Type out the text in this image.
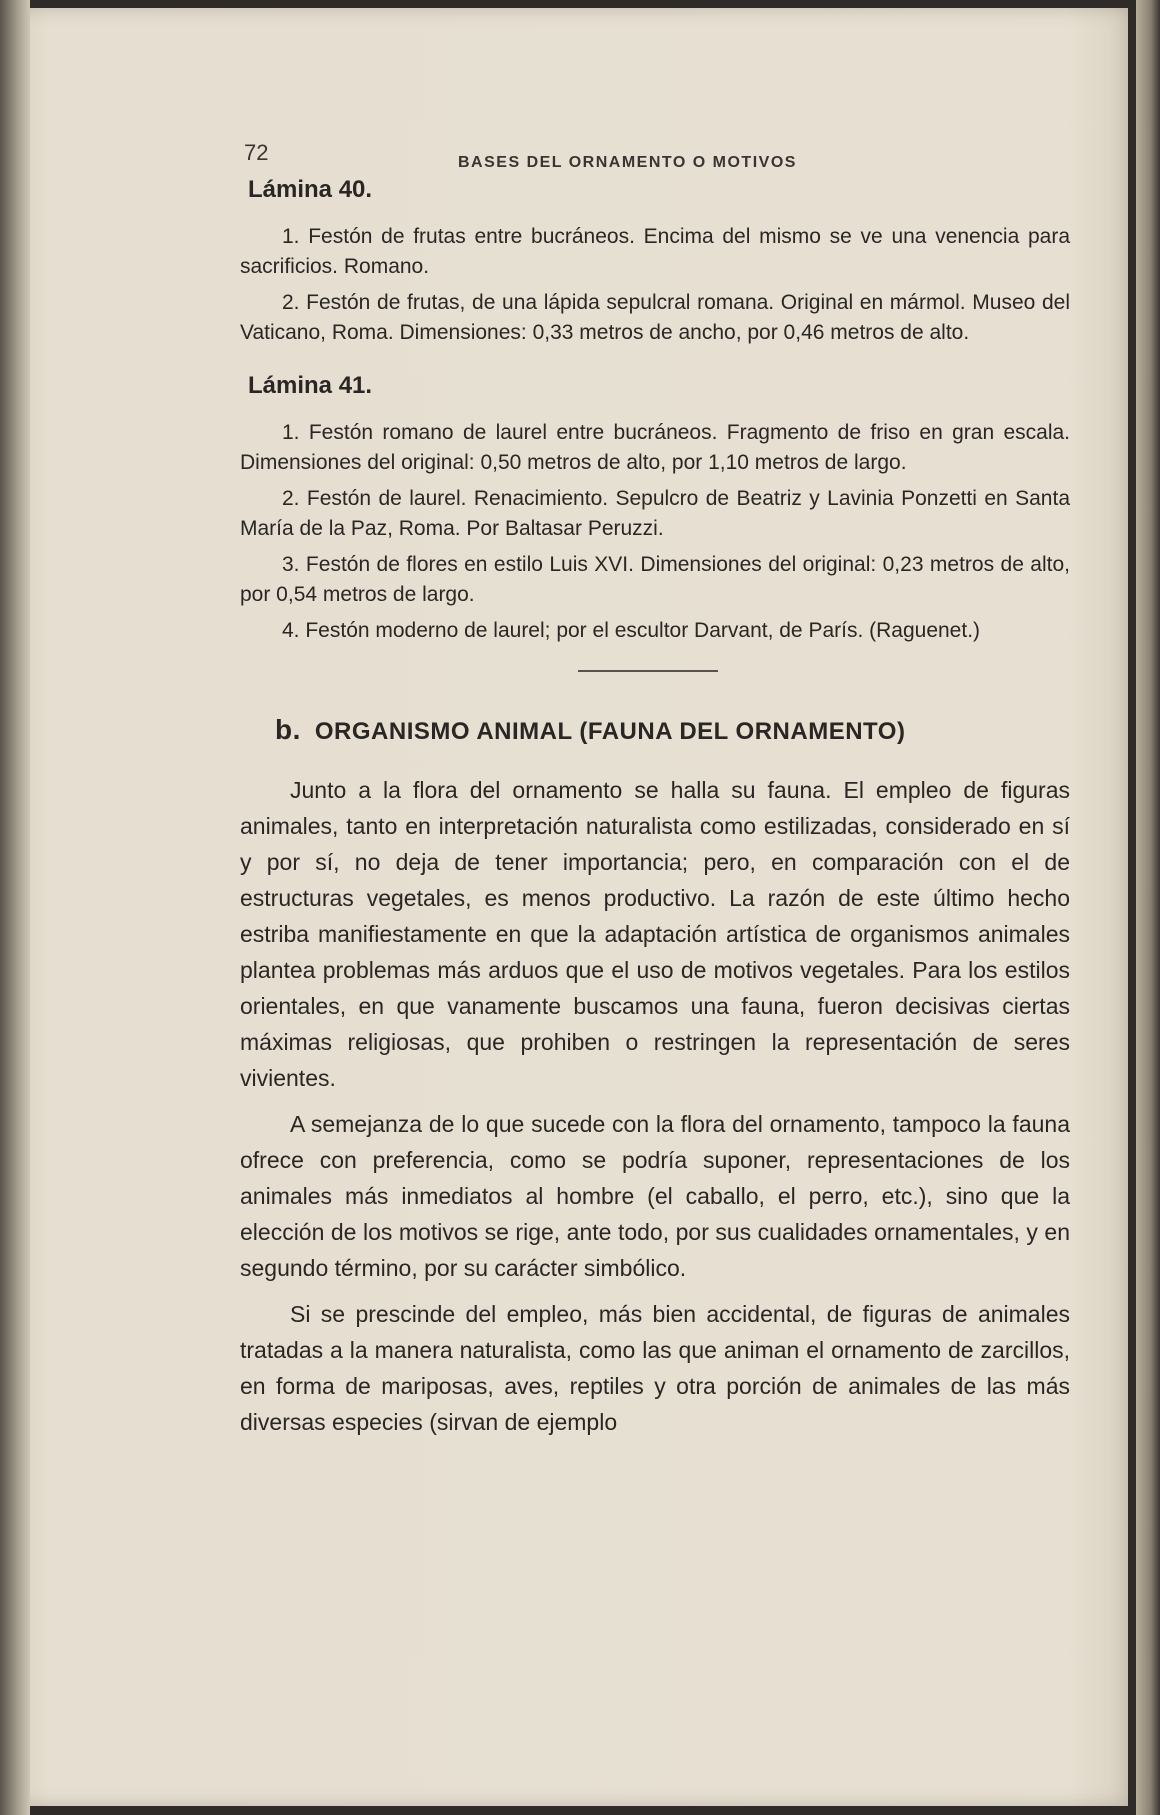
72	BASES DEL ORNAMENTO O MOTIVOS
Lámina 40.

1. Festón de frutas entre bucráneos. Encima del mismo se ve una venencia para sacrificios. Romano.

2. Festón de frutas, de una lápida sepulcral romana. Original en mármol. Museo del Vaticano, Roma. Dimensiones: 0,33 metros de ancho, por 0,46 metros de alto.

Lámina 41.

1. Festón romano de laurel entre bucráneos. Fragmento de friso en gran escala. Dimensiones del original: 0,50 metros de alto, por 1,10 metros de largo.

2. Festón de laurel. Renacimiento. Sepulcro de Beatriz y Lavinia Ponzetti en Santa María de la Paz, Roma. Por Baltasar Peruzzi.

3. Festón de flores en estilo Luis XVI. Dimensiones del original: 0,23 metros de alto, por 0,54 metros de largo.

4. Festón moderno de laurel; por el escultor Darvant, de París. (Raguenet.)

b. ORGANISMO ANIMAL (FAUNA DEL ORNAMENTO)

Junto a la flora del ornamento se halla su fauna. El empleo de figuras animales, tanto en interpretación naturalista como estilizadas, considerado en sí y por sí, no deja de tener importancia; pero, en comparación con el de estructuras vegetales, es menos productivo. La razón de este último hecho estriba manifiestamente en que la adaptación artística de organismos animales plantea problemas más arduos que el uso de motivos vegetales. Para los estilos orientales, en que vanamente buscamos una fauna, fueron decisivas ciertas máximas religiosas, que prohiben o restringen la representación de seres vivientes.

A semejanza de lo que sucede con la flora del ornamento, tampoco la fauna ofrece con preferencia, como se podría suponer, representaciones de los animales más inmediatos al hombre (el caballo, el perro, etc.), sino que la elección de los motivos se rige, ante todo, por sus cualidades ornamentales, y en segundo término, por su carácter simbólico.

Si se prescinde del empleo, más bien accidental, de figuras de animales tratadas a la manera naturalista, como las que animan el ornamento de zarcillos, en forma de mariposas, aves, reptiles y otra porción de animales de las más diversas especies (sirvan de ejemplo
